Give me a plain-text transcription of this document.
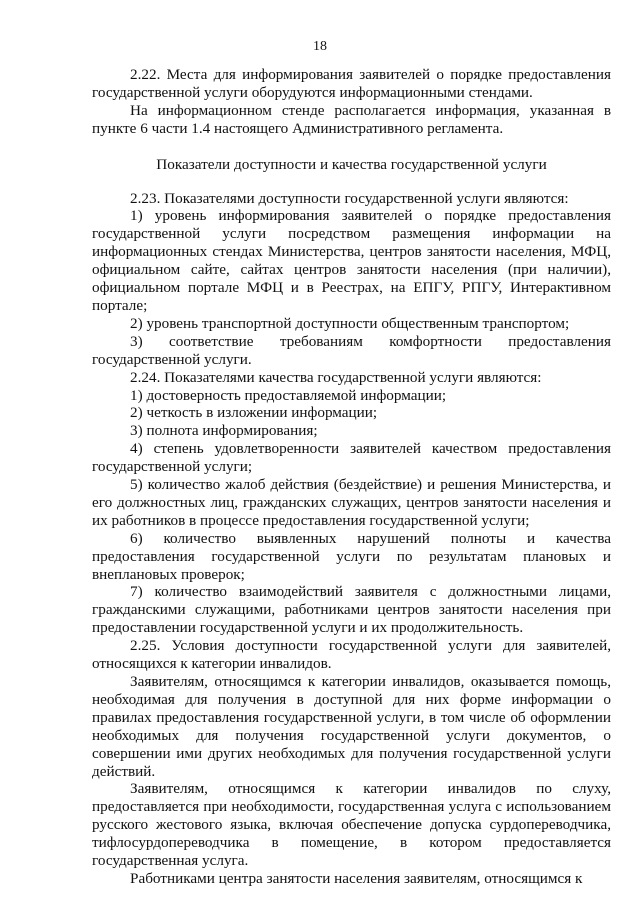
18

2.22. Места для информирования заявителей о порядке предоставления государственной услуги оборудуются информационными стендами.

На информационном стенде располагается информация, указанная в пункте 6 части 1.4 настоящего Административного регламента.

Показатели доступности и качества государственной услуги

2.23. Показателями доступности государственной услуги являются:

1) уровень информирования заявителей о порядке предоставления государственной услуги посредством размещения информации на информационных стендах Министерства, центров занятости населения, МФЦ, официальном сайте, сайтах центров занятости населения (при наличии), официальном портале МФЦ и в Реестрах, на ЕПГУ, РПГУ, Интерактивном портале;

2) уровень транспортной доступности общественным транспортом;

3) соответствие требованиям комфортности предоставления государственной услуги.

2.24. Показателями качества государственной услуги являются:

1) достоверность предоставляемой информации;

2) четкость в изложении информации;

3) полнота информирования;

4) степень удовлетворенности заявителей качеством предоставления государственной услуги;

5) количество жалоб действия (бездействие) и решения Министерства, и его должностных лиц, гражданских служащих, центров занятости населения и их работников в процессе предоставления государственной услуги;

6) количество выявленных нарушений полноты и качества предоставления государственной услуги по результатам плановых и внеплановых проверок;

7) количество взаимодействий заявителя с должностными лицами, гражданскими служащими, работниками центров занятости населения при предоставлении государственной услуги и их продолжительность.

2.25. Условия доступности государственной услуги для заявителей, относящихся к категории инвалидов.

Заявителям, относящимся к категории инвалидов, оказывается помощь, необходимая для получения в доступной для них форме информации о правилах предоставления государственной услуги, в том числе об оформлении необходимых для получения государственной услуги документов, о совершении ими других необходимых для получения государственной услуги действий.

Заявителям, относящимся к категории инвалидов по слуху, предоставляется при необходимости, государственная услуга с использованием русского жестового языка, включая обеспечение допуска сурдопереводчика, тифлосурдопереводчика в помещение, в котором предоставляется государственная услуга.

Работниками центра занятости населения заявителям, относящимся к
